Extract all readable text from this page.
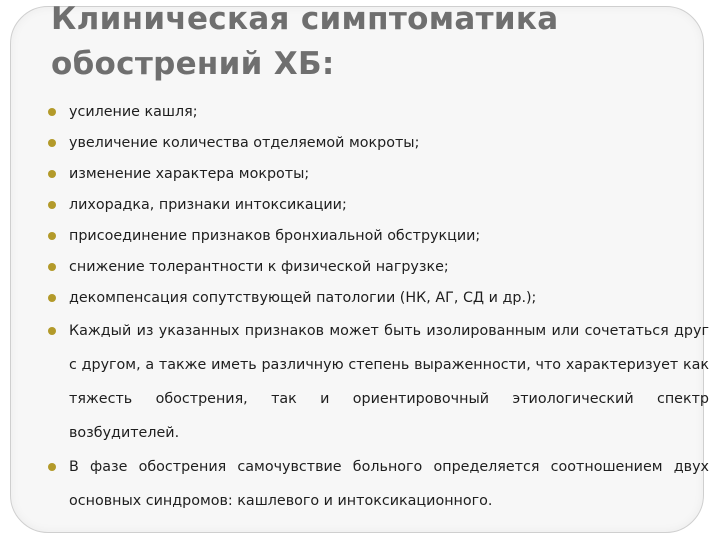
Клиническая симптоматика обострений ХБ:
усиление кашля;
увеличение количества отделяемой мокроты;
изменение характера мокроты;
лихорадка, признаки интоксикации;
присоединение признаков бронхиальной обструкции;
снижение толерантности к физической нагрузке;
декомпенсация сопутствующей патологии (НК, АГ, СД и др.);
Каждый из указанных признаков может быть изолированным или сочетаться друг с другом, а также иметь различную степень выраженности, что характеризует как тяжесть обострения, так и ориентировочный этиологический спектр возбудителей.
В фазе обострения самочувствие больного определяется соотношением двух основных синдромов: кашлевого и интоксикационного.
